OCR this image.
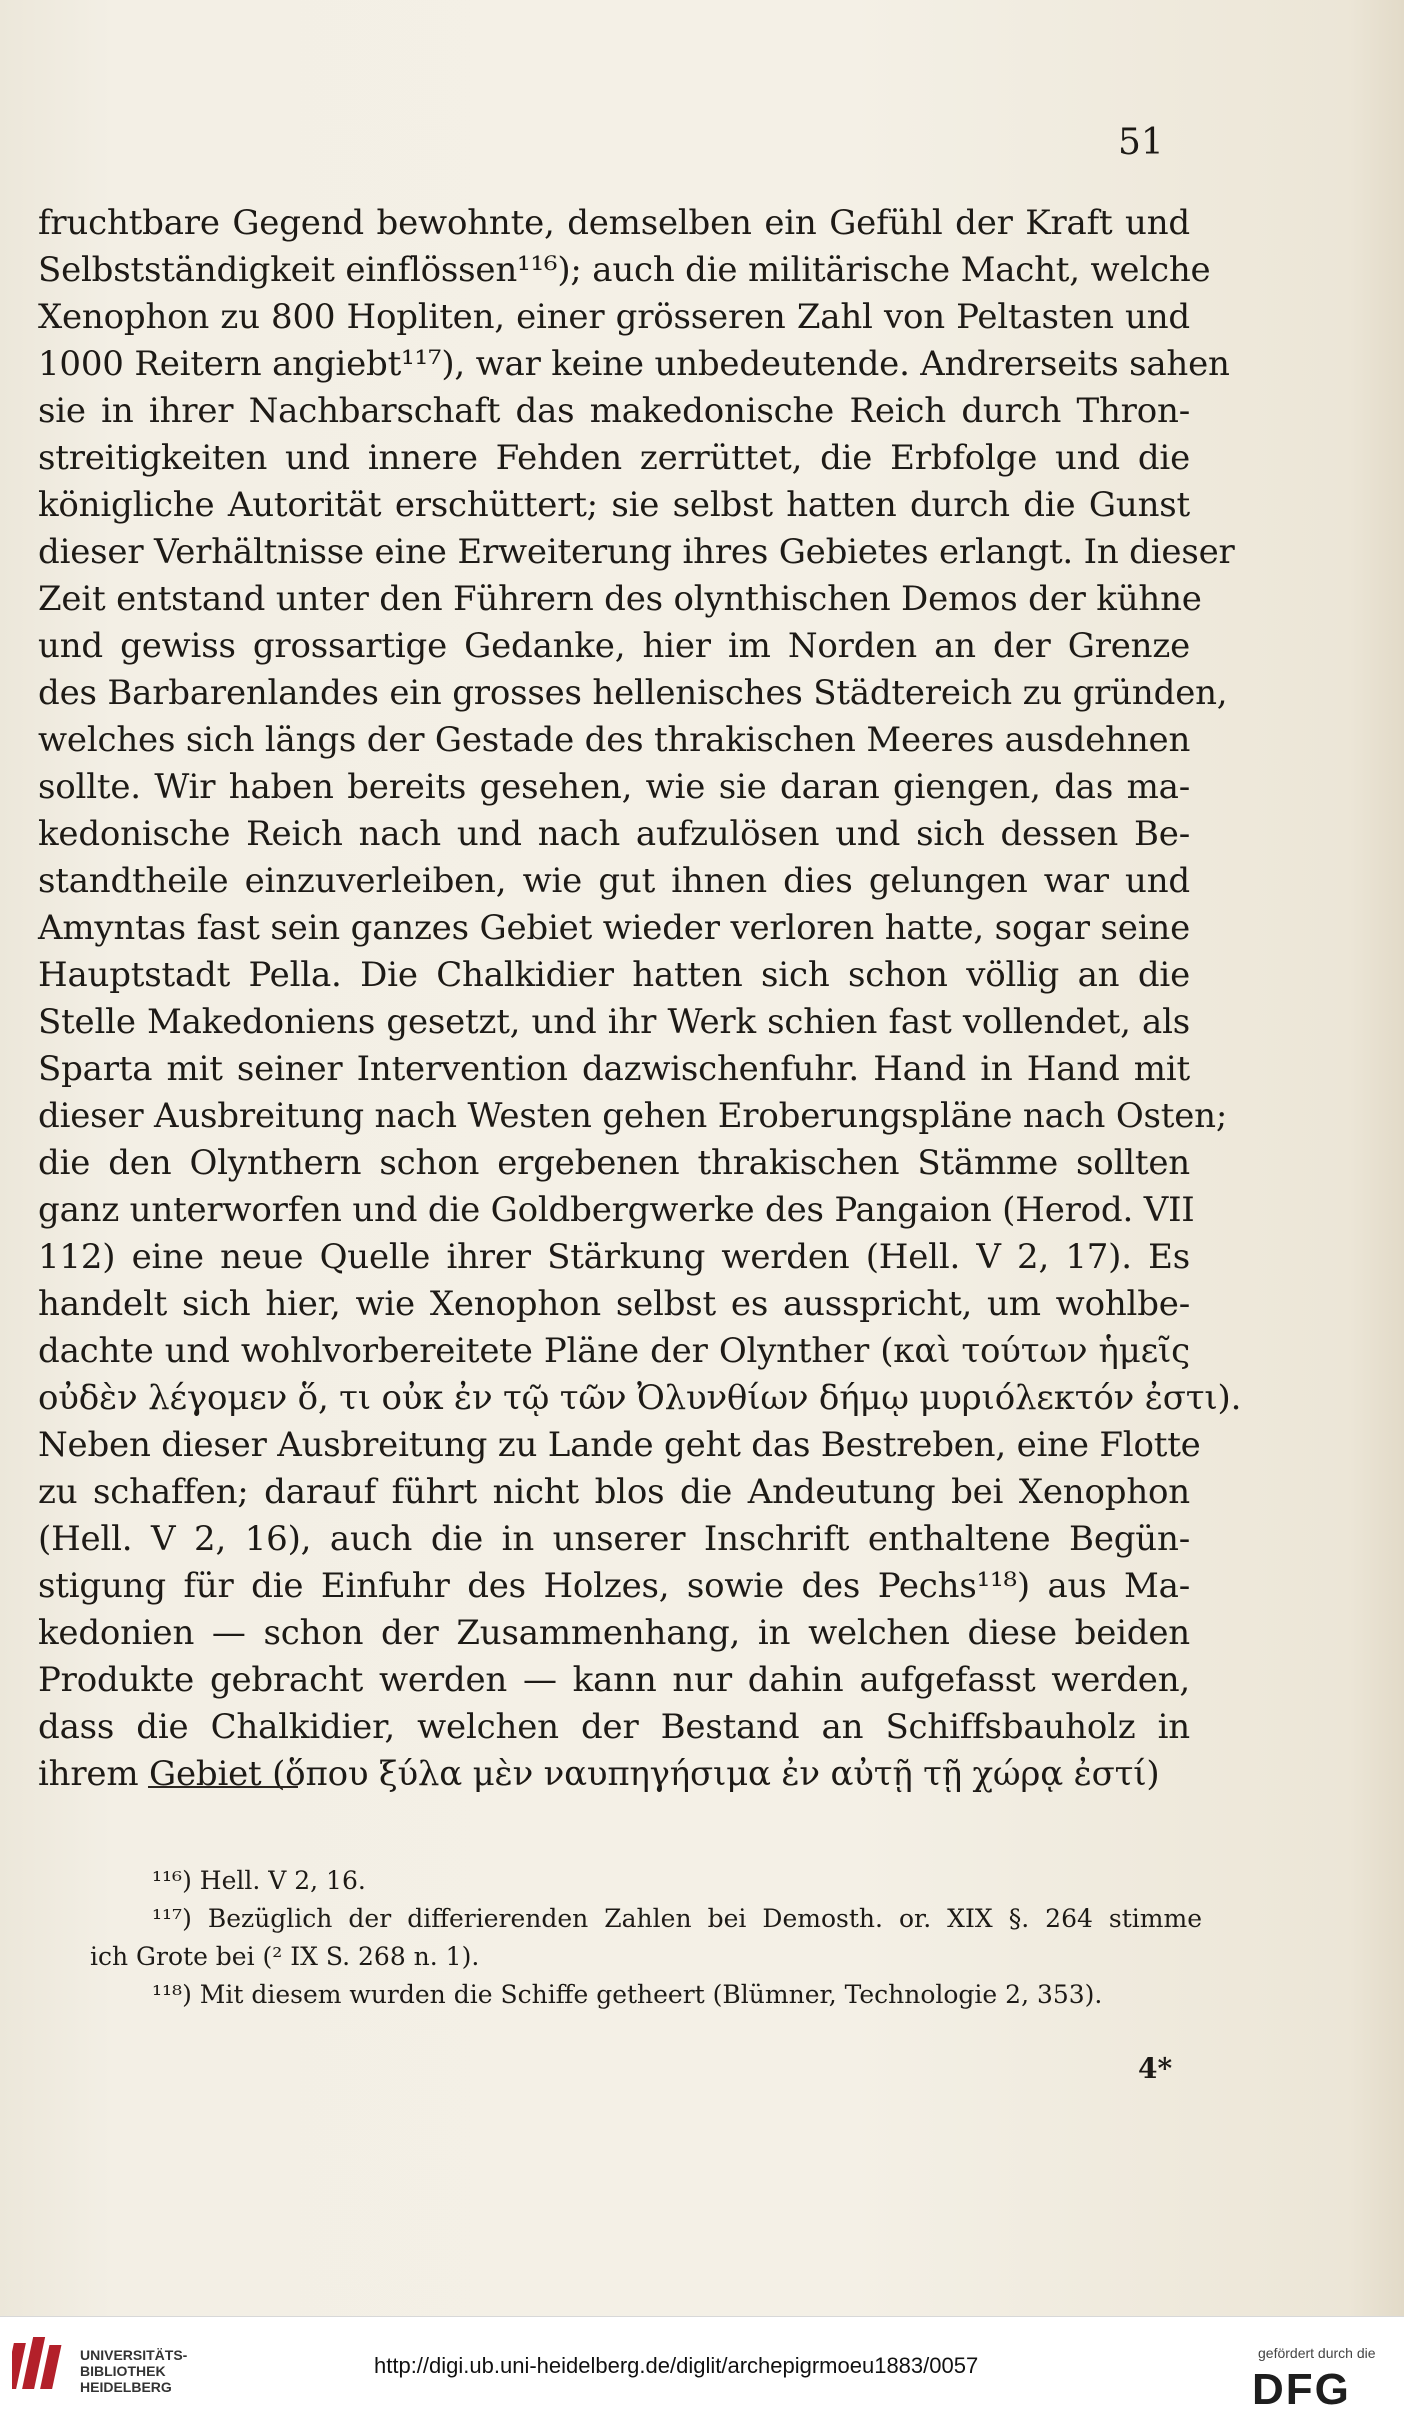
51
fruchtbare Gegend bewohnte, demselben ein Gefühl der Kraft und
Selbstständigkeit einflössen¹¹⁶); auch die militärische Macht, welche
Xenophon zu 800 Hopliten, einer grösseren Zahl von Peltasten und
1000 Reitern angiebt¹¹⁷), war keine unbedeutende. Andrerseits sahen
sie in ihrer Nachbarschaft das makedonische Reich durch Thron-
streitigkeiten und innere Fehden zerrüttet, die Erbfolge und die
königliche Autorität erschüttert; sie selbst hatten durch die Gunst
dieser Verhältnisse eine Erweiterung ihres Gebietes erlangt. In dieser
Zeit entstand unter den Führern des olynthischen Demos der kühne
und gewiss grossartige Gedanke, hier im Norden an der Grenze
des Barbarenlandes ein grosses hellenisches Städtereich zu gründen,
welches sich längs der Gestade des thrakischen Meeres ausdehnen
sollte. Wir haben bereits gesehen, wie sie daran giengen, das ma-
kedonische Reich nach und nach aufzulösen und sich dessen Be-
standtheile einzuverleiben, wie gut ihnen dies gelungen war und
Amyntas fast sein ganzes Gebiet wieder verloren hatte, sogar seine
Hauptstadt Pella. Die Chalkidier hatten sich schon völlig an die
Stelle Makedoniens gesetzt, und ihr Werk schien fast vollendet, als
Sparta mit seiner Intervention dazwischenfuhr. Hand in Hand mit
dieser Ausbreitung nach Westen gehen Eroberungspläne nach Osten;
die den Olynthern schon ergebenen thrakischen Stämme sollten
ganz unterworfen und die Goldbergwerke des Pangaion (Herod. VII
112) eine neue Quelle ihrer Stärkung werden (Hell. V 2, 17). Es
handelt sich hier, wie Xenophon selbst es ausspricht, um wohlbe-
dachte und wohlvorbereitete Pläne der Olynther (καὶ τούτων ἡμεῖς
οὐδὲν λέγομεν ὅ, τι οὐκ ἐν τῷ τῶν Ὀλυνθίων δήμῳ μυριόλεκτόν ἐστι).
Neben dieser Ausbreitung zu Lande geht das Bestreben, eine Flotte
zu schaffen; darauf führt nicht blos die Andeutung bei Xenophon
(Hell. V 2, 16), auch die in unserer Inschrift enthaltene Begün-
stigung für die Einfuhr des Holzes, sowie des Pechs¹¹⁸) aus Ma-
kedonien — schon der Zusammenhang, in welchen diese beiden
Produkte gebracht werden — kann nur dahin aufgefasst werden,
dass die Chalkidier, welchen der Bestand an Schiffsbauholz in
ihrem Gebiet (ὅπου ξύλα μὲν ναυπηγήσιμα ἐν αὐτῇ τῇ χώρᾳ ἐστί)
¹¹⁶) Hell. V 2, 16.
¹¹⁷) Bezüglich der differierenden Zahlen bei Demosth. or. XIX §. 264 stimme
ich Grote bei (² IX S. 268 n. 1).
¹¹⁸) Mit diesem wurden die Schiffe getheert (Blümner, Technologie 2, 353).
4*
UNIVERSITÄTS-
BIBLIOTHEK
HEIDELBERG
http://digi.ub.uni-heidelberg.de/diglit/archepigrmoeu1883/0057	gefördert durch die
DFG
